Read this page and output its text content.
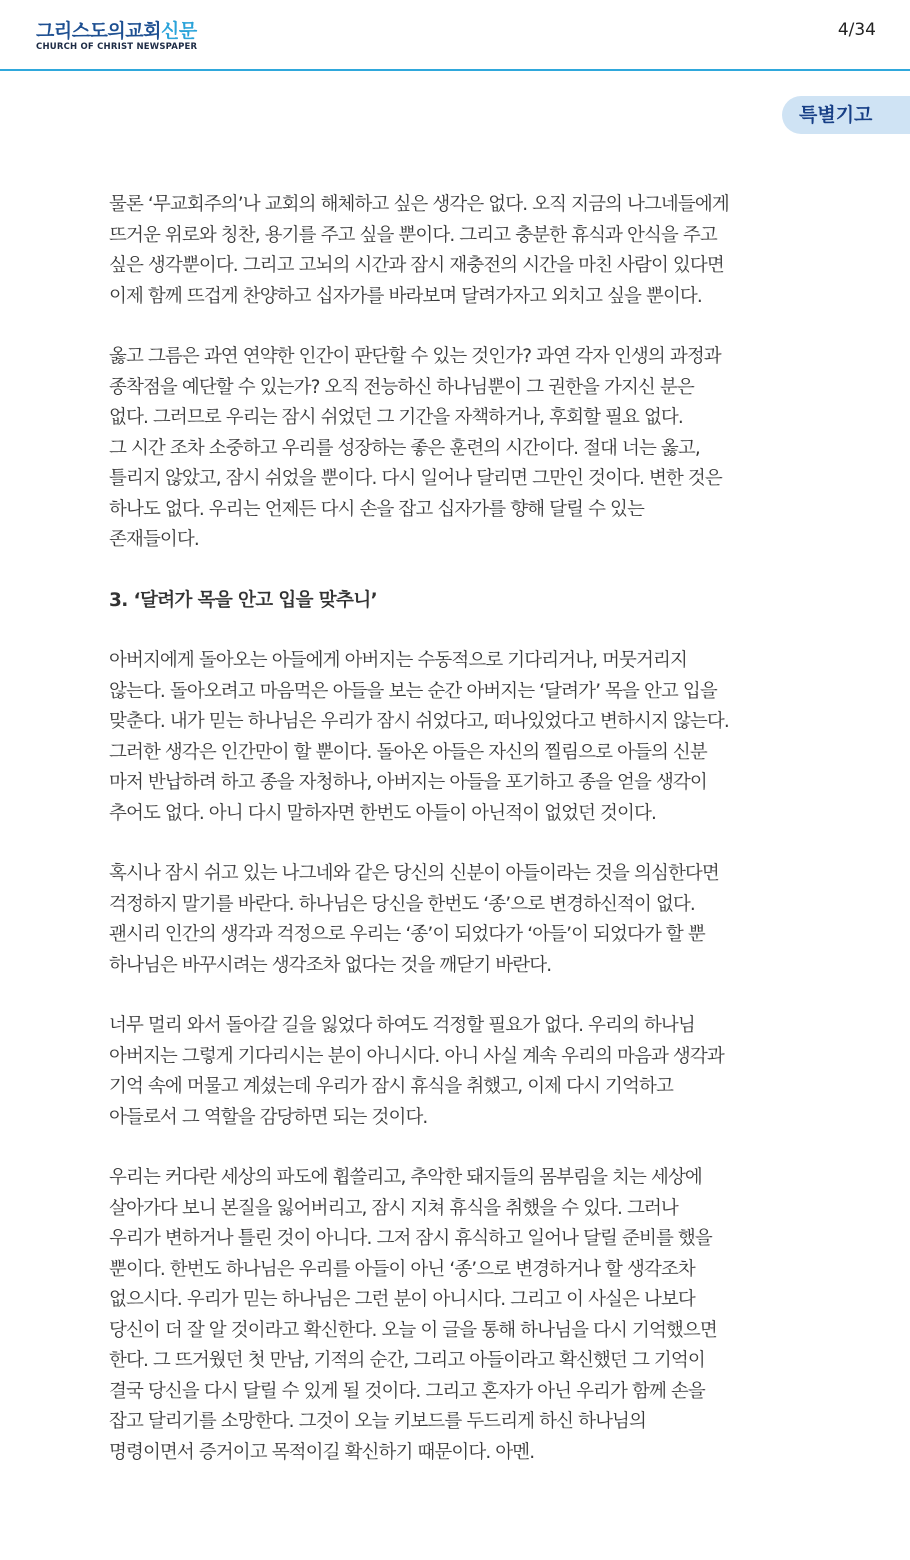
그리스도의교회신문
CHURCH OF CHRIST NEWSPAPER
4/34
특별기고
물론 ‘무교회주의’나 교회의 해체하고 싶은 생각은 없다. 오직 지금의 나그네들에게
뜨거운 위로와 칭찬, 용기를 주고 싶을 뿐이다. 그리고 충분한 휴식과 안식을 주고
싶은 생각뿐이다. 그리고 고뇌의 시간과 잠시 재충전의 시간을 마친 사람이 있다면
이제 함께 뜨겁게 찬양하고 십자가를 바라보며 달려가자고 외치고 싶을 뿐이다.
옳고 그름은 과연 연약한 인간이 판단할 수 있는 것인가? 과연 각자 인생의 과정과
종착점을 예단할 수 있는가? 오직 전능하신 하나님뿐이 그 권한을 가지신 분은
없다. 그러므로 우리는 잠시 쉬었던 그 기간을 자책하거나, 후회할 필요 없다.
그 시간 조차 소중하고 우리를 성장하는 좋은 훈련의 시간이다. 절대 너는 옳고,
틀리지 않았고, 잠시 쉬었을 뿐이다. 다시 일어나 달리면 그만인 것이다. 변한 것은
하나도 없다. 우리는 언제든 다시 손을 잡고 십자가를 향해 달릴 수 있는
존재들이다.
3. ‘달려가 목을 안고 입을 맞추니’
아버지에게 돌아오는 아들에게 아버지는 수동적으로 기다리거나, 머뭇거리지
않는다. 돌아오려고 마음먹은 아들을 보는 순간 아버지는 ‘달려가’ 목을 안고 입을
맞춘다. 내가 믿는 하나님은 우리가 잠시 쉬었다고, 떠나있었다고 변하시지 않는다.
그러한 생각은 인간만이 할 뿐이다. 돌아온 아들은 자신의 찔림으로 아들의 신분
마저 반납하려 하고 종을 자청하나, 아버지는 아들을 포기하고 종을 얻을 생각이
추어도 없다. 아니 다시 말하자면 한번도 아들이 아닌적이 없었던 것이다.
혹시나 잠시 쉬고 있는 나그네와 같은 당신의 신분이 아들이라는 것을 의심한다면
걱정하지 말기를 바란다. 하나님은 당신을 한번도 ‘종’으로 변경하신적이 없다.
괜시리 인간의 생각과 걱정으로 우리는 ‘종’이 되었다가 ‘아들’이 되었다가 할 뿐
하나님은 바꾸시려는 생각조차 없다는 것을 깨닫기 바란다.
너무 멀리 와서 돌아갈 길을 잃었다 하여도 걱정할 필요가 없다. 우리의 하나님
아버지는 그렇게 기다리시는 분이 아니시다. 아니 사실 계속 우리의 마음과 생각과
기억 속에 머물고 계셨는데 우리가 잠시 휴식을 취했고, 이제 다시 기억하고
아들로서 그 역할을 감당하면 되는 것이다.
우리는 커다란 세상의 파도에 휩쓸리고, 추악한 돼지들의 몸부림을 치는 세상에
살아가다 보니 본질을 잃어버리고, 잠시 지쳐 휴식을 취했을 수 있다. 그러나
우리가 변하거나 틀린 것이 아니다. 그저 잠시 휴식하고 일어나 달릴 준비를 했을
뿐이다. 한번도 하나님은 우리를 아들이 아닌 ‘종’으로 변경하거나 할 생각조차
없으시다. 우리가 믿는 하나님은 그런 분이 아니시다. 그리고 이 사실은 나보다
당신이 더 잘 알 것이라고 확신한다. 오늘 이 글을 통해 하나님을 다시 기억했으면
한다. 그 뜨거웠던 첫 만남, 기적의 순간, 그리고 아들이라고 확신했던 그 기억이
결국 당신을 다시 달릴 수 있게 될 것이다. 그리고 혼자가 아닌 우리가 함께 손을
잡고 달리기를 소망한다. 그것이 오늘 키보드를 두드리게 하신 하나님의
명령이면서 증거이고 목적이길 확신하기 때문이다. 아멘.
